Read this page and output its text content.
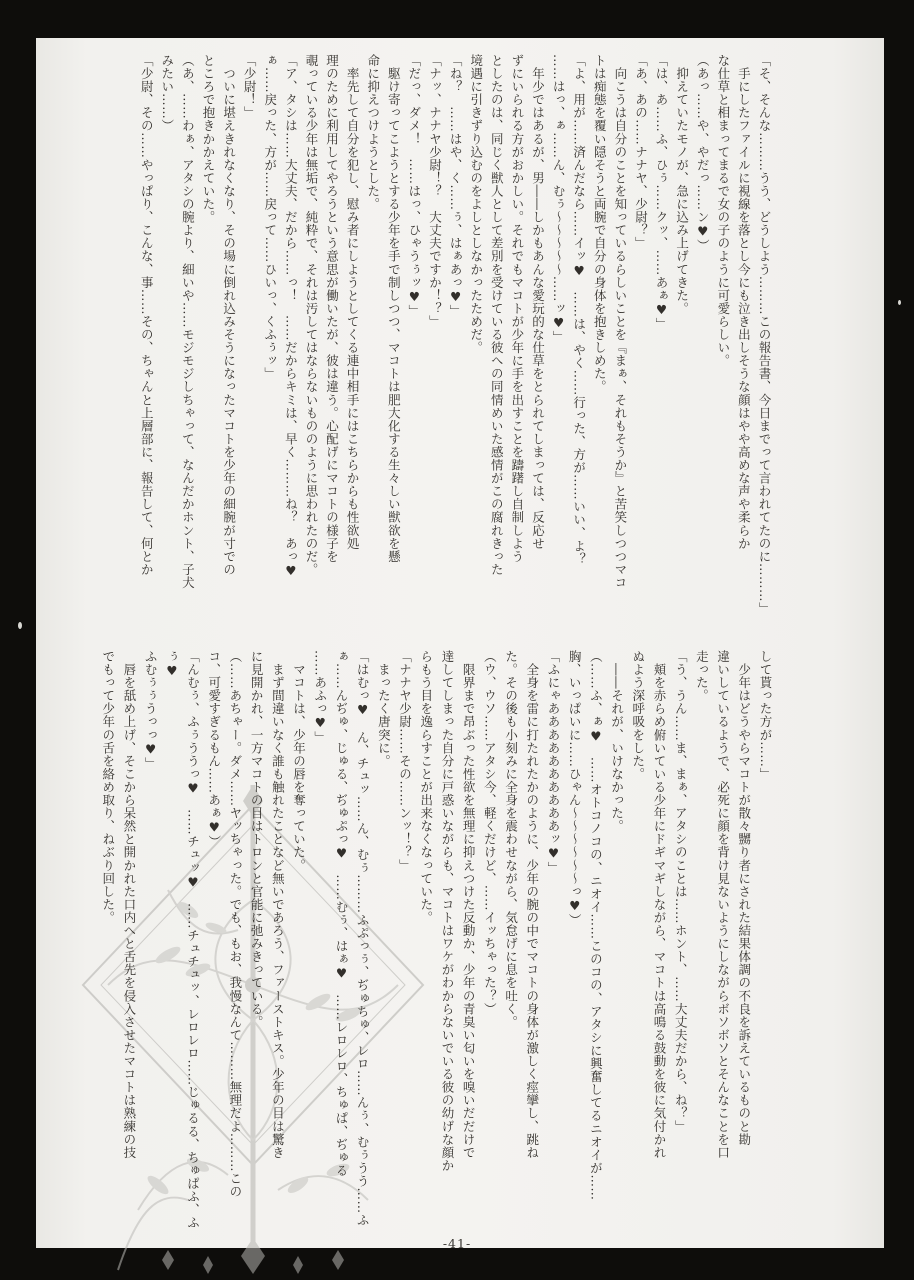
「そ、そんな………うう、どうしよう………この報告書、今日までって言われてたのに………」

　手にしたファイルに視線を落とし今にも泣き出しそうな顔はやや高めな声や柔らか

な仕草と相まってまるで女の子のように可愛らしい。

（あっ……や、やだっ……ン♥）

　抑えていたモノが、急に込み上げてきた。

「は、あ……ふ、ひぅ……クッ、……あぁ♥」

「あ、あの……ナナヤ、少尉？」

　向こうは自分のことを知っているらしいことを『まぁ、それもそうか』と苦笑しつつマコ

トは痴態を覆い隠そうと両腕で自分の身体を抱きしめた。

「よ、用が……済んだなら……イッ♥　……は、やく……行った、方が……いい、よ？

……はっ、ぁ……ん、むぅ〜〜〜〜〜……ッ♥」

　年少ではあるが、男――しかもあんな愛玩的な仕草をとられてしまっては、反応せ

ずにいられる方がおかしい。それでもマコトが少年に手を出すことを躊躇し自制しよう

としたのは、同じく獣人として差別を受けている彼への同情めいた感情がこの腐れきった

境遇に引きずり込むのをよしとしなかったためだ。

「ね？　……はや、く……ぅ、はぁあっ♥」

「ナッ、ナナヤ少尉！？　大丈夫ですか！？」

「だっ、ダメ！　……はっ、ひゃうぅッ♥」

　駆け寄ってこようとする少年を手で制しつつ、マコトは肥大化する生々しい獣欲を懸

命に抑えつけようとした。

　率先して自分を犯し、慰み者にしようとしてくる連中相手にはこちらからも性欲処

理のために利用してやろうという意思が働いたが、彼は違う。心配げにマコトの様子を

覗っている少年は無垢で、純粋で、それは汚してはならないもののように思われたのだ。

「ア、タシは……大丈夫、だから……っ！　……だからキミは、早く………ね？　あっ♥

ぁ……戻った、方が……戻って……ひいっ、くふぅッ」

「少尉！」

　ついに堪えきれなくなり、その場に倒れ込みそうになったマコトを少年の細腕が寸での

ところで抱きかかえていた。

（あ、……わぁ、アタシの腕より、細いや……モジモジしちゃって、なんだかホント、子犬

みたい……）

「少尉、その……やっぱり、こんな、事……その、ちゃんと上層部に、報告して、何とか

して貰った方が……」

　少年はどうやらマコトが散々嬲り者にされた結果体調の不良を訴えているものと勘

違いしているようで、必死に顔を背け見ないようにしながらボソボソとそんなことを口

走った。

「う、うん……ま、まぁ、アタシのことは……ホント、……大丈夫だから、ね？」

　頬を赤らめ俯いている少年にドギマギしながら、マコトは高鳴る鼓動を彼に気付かれ

ぬよう深呼吸をした。

　――それが、いけなかった。

（……ふ、ぁ♥　……オトコノコの、ニオイ……このコの、アタシに興奮してるニオイが……

胸、いっぱいに……ひゃん〜〜〜〜〜〜っ♥）

「ふにゃああああああああああッ♥」

　全身を雷に打たれたかのように、少年の腕の中でマコトの身体が激しく痙攣し、跳ね

た。その後も小刻みに全身を震わせながら、気怠げに息を吐く。

（ウ、ウソ……アタシ今、軽くだけど、……イッちゃった？）

　限界まで昂ぶった性欲を無理に抑えつけた反動か、少年の青臭い匂いを嗅いだだけで

達してしまった自分に戸惑いながらも、マコトはワケがわからないでいる彼の幼げな顔か

らもう目を逸らすことが出来なくなっていた。

「ナナヤ少尉……その……ンッ！？」

　まったく唐突に。

「はむっ♥　ん、チュッ……ん、むぅ………ふぷっぅ、ぢゅちゅ、レロ……んぅ、むぅうう……ふ

ぁ……んぢゅ、じゅる、ぢゅぷっ♥　……むぅ、はぁ♥　……レロレロ、ちゅぱ、ぢゅる

……あふっ♥」

　マコトは、少年の唇を奪っていた。

　まず間違いなく誰も触れたことなど無いであろう、ファーストキス。少年の目は驚き

に見開かれ、一方マコトの目はトロンと官能に弛みきっている。

（……あちゃー。ダメ……ヤッちゃった。でも、もお、我慢なんて………無理だよ………この

コ、可愛すぎるもん……あぁ♥）

「んむぅ、ふぅううっ♥　……チュッ♥　……チュチュッ、レロレロ……じゅるる、ちゅぱふ、ふぅ♥

ふむぅぅうっっ♥」

　唇を舐め上げ、そこから呆然と開かれた口内へと舌先を侵入させたマコトは熟練の技

でもって少年の舌を絡め取り、ねぶり回した。

-41-
